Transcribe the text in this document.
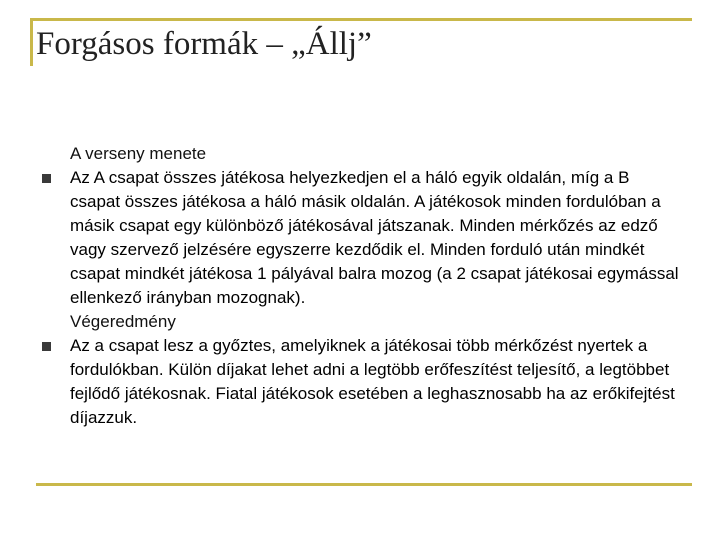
Forgásos formák – „Állj”

A verseny menete

Az A csapat összes játékosa helyezkedjen el a háló egyik oldalán, míg a B csapat összes játékosa a háló másik oldalán. A játékosok minden fordulóban a másik csapat egy különböző játékosával játszanak. Minden mérkőzés az edző vagy szervező jelzésére egyszerre kezdődik el. Minden forduló után mindkét csapat mindkét játékosa 1 pályával balra mozog (a 2 csapat játékosai egymással ellenkező irányban mozognak).

Végeredmény

Az a csapat lesz a győztes, amelyiknek a játékosai több mérkőzést nyertek a fordulókban. Külön díjakat lehet adni a legtöbb erőfeszítést teljesítő, a legtöbbet fejlődő játékosnak. Fiatal játékosok esetében a leghasznosabb ha az erőkifejtést díjazzuk.
